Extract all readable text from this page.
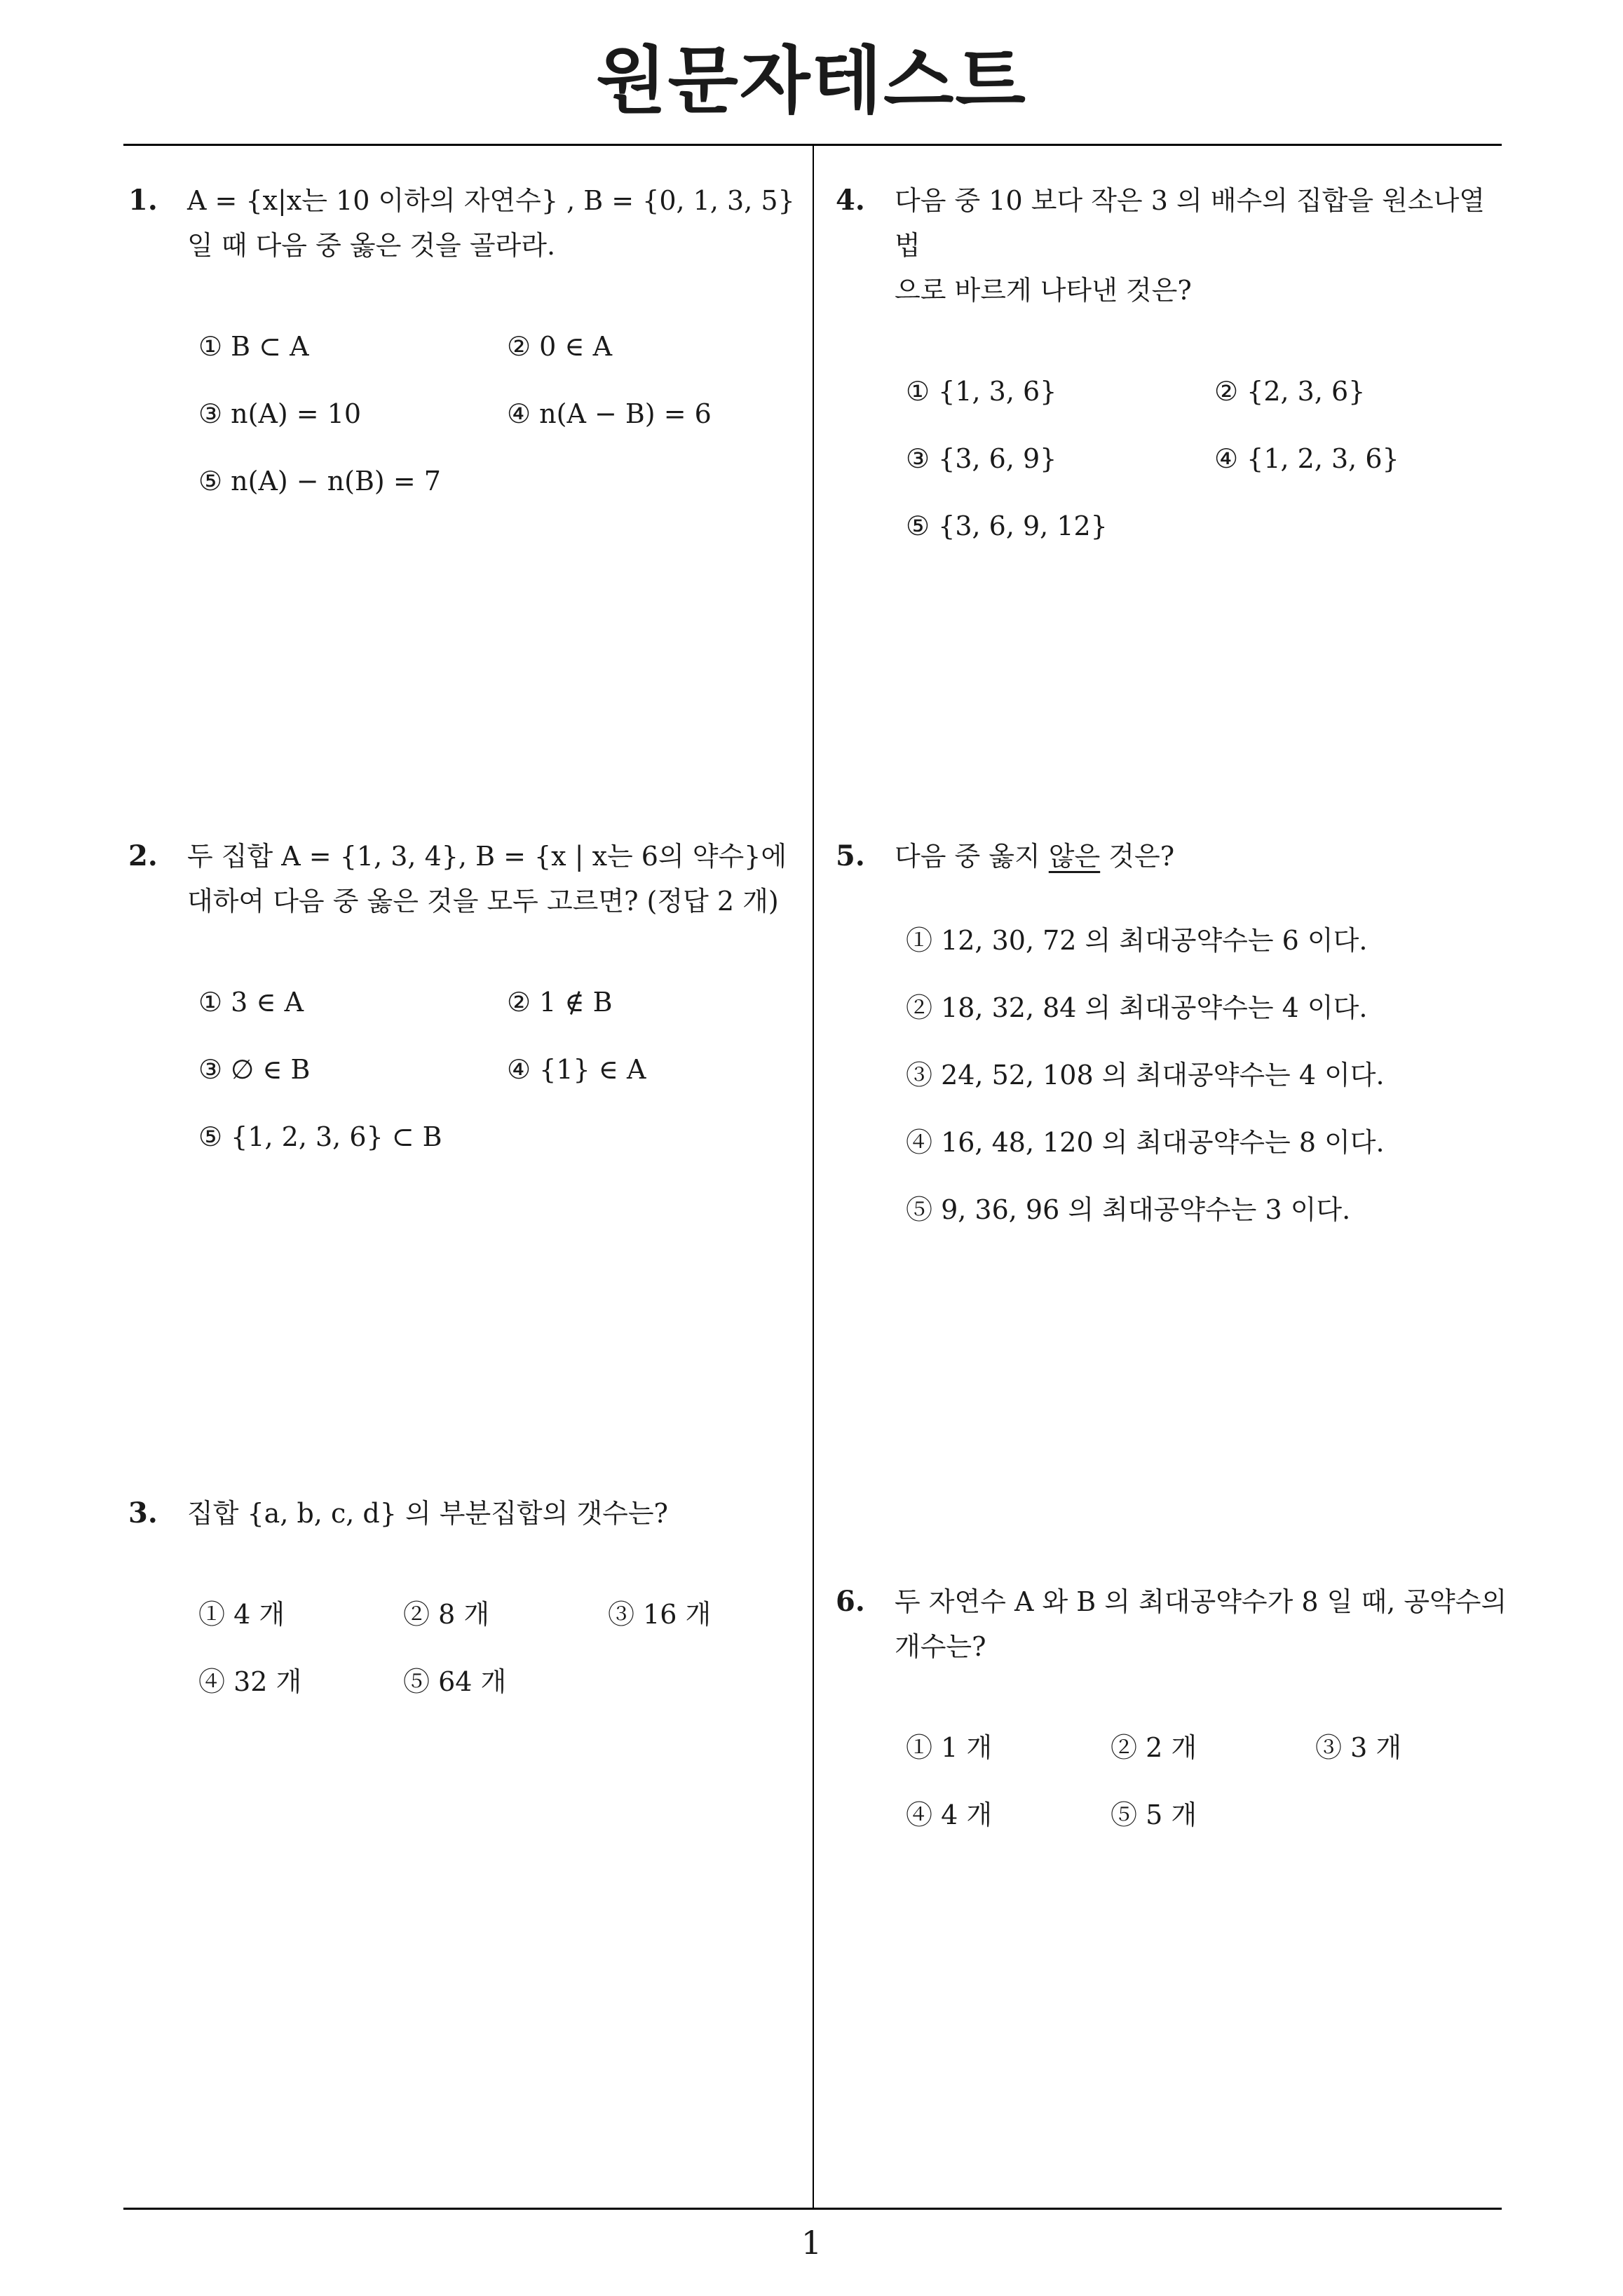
원문자테스트
1. A = {x|x는 10 이하의 자연수} , B = {0, 1, 3, 5}
일 때 다음 중 옳은 것을 골라라.
① B ⊂ A	② 0 ∈ A
③ n(A) = 10	④ n(A − B) = 6
⑤ n(A) − n(B) = 7
2. 두 집합 A = {1, 3, 4}, B = {x | x는 6의 약수}에
대하여 다음 중 옳은 것을 모두 고르면? (정답 2 개)
① 3 ∈ A	② 1 ∉ B
③ ∅ ∈ B	④ {1} ∈ A
⑤ {1, 2, 3, 6} ⊂ B
3. 집합 {a, b, c, d} 의 부분집합의 갯수는?
① 4 개	② 8 개	③ 16 개
④ 32 개	⑤ 64 개
4. 다음 중 10 보다 작은 3 의 배수의 집합을 원소나열법
으로 바르게 나타낸 것은?
① {1, 3, 6}	② {2, 3, 6}
③ {3, 6, 9}	④ {1, 2, 3, 6}
⑤ {3, 6, 9, 12}
5. 다음 중 옳지 않은 것은?
① 12, 30, 72 의 최대공약수는 6 이다.
② 18, 32, 84 의 최대공약수는 4 이다.
③ 24, 52, 108 의 최대공약수는 4 이다.
④ 16, 48, 120 의 최대공약수는 8 이다.
⑤ 9, 36, 96 의 최대공약수는 3 이다.
6. 두 자연수 A 와 B 의 최대공약수가 8 일 때, 공약수의
개수는?
① 1 개	② 2 개	③ 3 개
④ 4 개	⑤ 5 개
1
